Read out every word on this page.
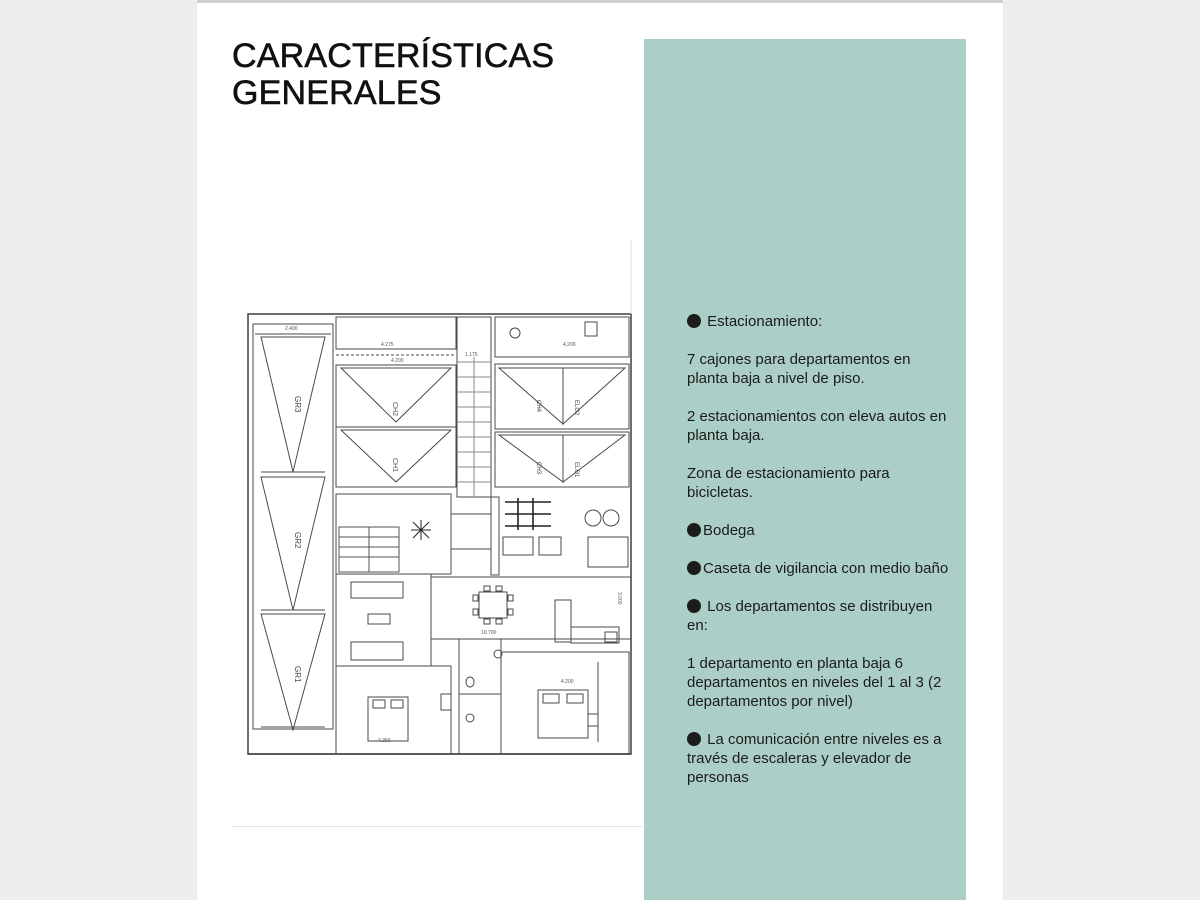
CARACTERÍSTICAS
GENERALES
GR3
GR2
GR1
2.400
CH2
CH1
4.275
4.200
1.175
CH4	ELO2
CH3	ELO1
4.200
10.700
4.250
4.200
3.000

Estacionamiento:

7 cajones para departamentos en planta baja a nivel de piso.

2 estacionamientos con eleva autos en planta baja.

Zona de estacionamiento para bicicletas.

Bodega

Caseta de vigilancia con medio baño

Los departamentos se distribuyen en:

1 departamento en planta baja 6 departamentos en niveles del 1 al 3 (2 departamentos por nivel)

La comunicación entre niveles es a través de escaleras y elevador de personas
